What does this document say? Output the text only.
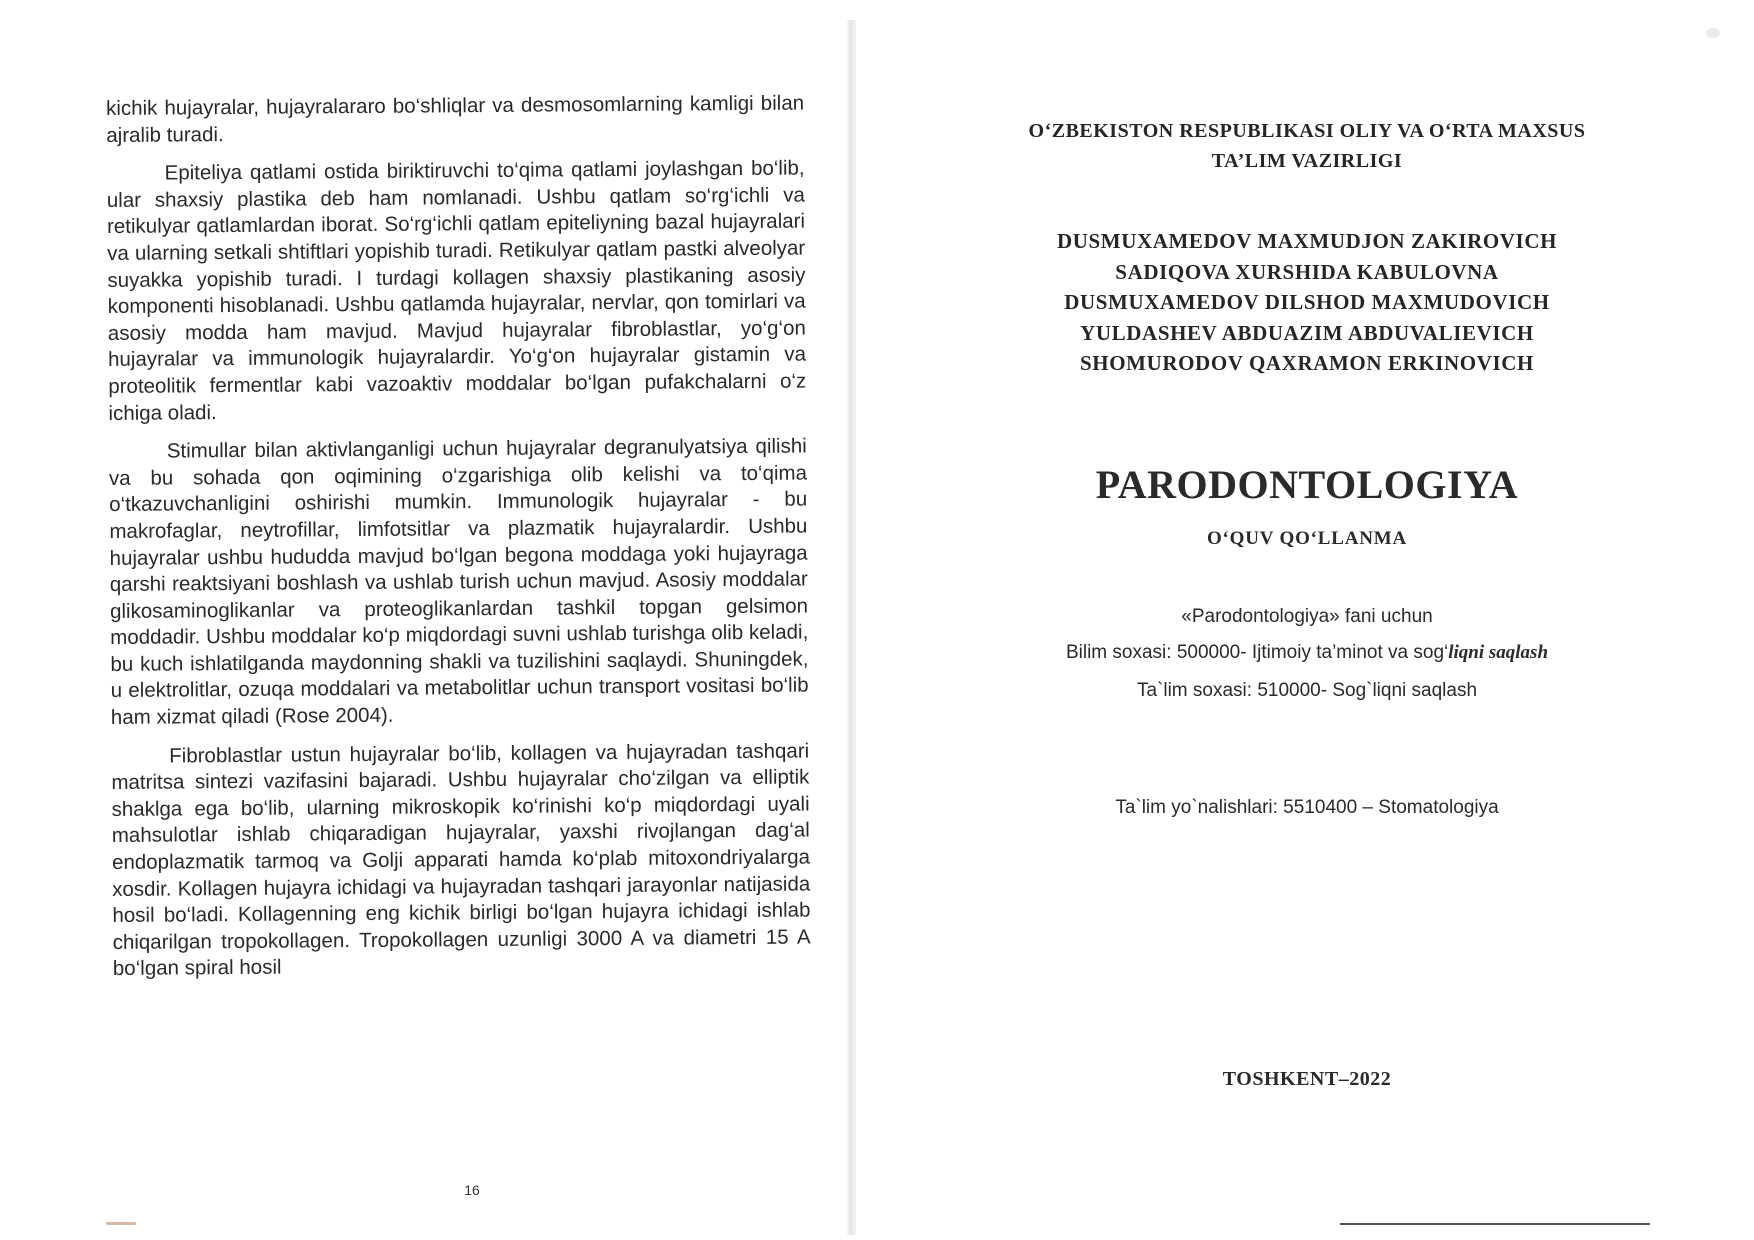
kichik hujayralar, hujayralararo bo‘shliqlar va desmosomlarning kamligi bilan ajralib turadi.

Epiteliya qatlami ostida biriktiruvchi to‘qima qatlami joylashgan bo‘lib, ular shaxsiy plastika deb ham nomlanadi. Ushbu qatlam so‘rg‘ichli va retikulyar qatlamlardan iborat. So‘rg‘ichli qatlam epiteliyning bazal hujayralari va ularning setkali shtiftlari yopishib turadi. Retikulyar qatlam pastki alveolyar suyakka yopishib turadi. I turdagi kollagen shaxsiy plastikaning asosiy komponenti hisoblanadi. Ushbu qatlamda hujayralar, nervlar, qon tomirlari va asosiy modda ham mavjud. Mavjud hujayralar fibroblastlar, yo‘g‘on hujayralar va immunologik hujayralardir. Yo‘g‘on hujayralar gistamin va proteolitik fermentlar kabi vazoaktiv moddalar bo‘lgan pufakchalarni o‘z ichiga oladi.

Stimullar bilan aktivlanganligi uchun hujayralar degranulyatsiya qilishi va bu sohada qon oqimining o‘zgarishiga olib kelishi va to‘qima o‘tkazuvchanligini oshirishi mumkin. Immunologik hujayralar - bu makrofaglar, neytrofillar, limfotsitlar va plazmatik hujayralardir. Ushbu hujayralar ushbu hududda mavjud bo‘lgan begona moddaga yoki hujayraga qarshi reaktsiyani boshlash va ushlab turish uchun mavjud. Asosiy moddalar glikosaminoglikanlar va proteoglikanlardan tashkil topgan gelsimon moddadir. Ushbu moddalar ko‘p miqdordagi suvni ushlab turishga olib keladi, bu kuch ishlatilganda maydonning shakli va tuzilishini saqlaydi. Shuningdek, u elektrolitlar, ozuqa moddalari va metabolitlar uchun transport vositasi bo‘lib ham xizmat qiladi (Rose 2004).

Fibroblastlar ustun hujayralar bo‘lib, kollagen va hujayradan tashqari matritsa sintezi vazifasini bajaradi. Ushbu hujayralar cho‘zilgan va elliptik shaklga ega bo‘lib, ularning mikroskopik ko‘rinishi ko‘p miqdordagi uyali mahsulotlar ishlab chiqaradigan hujayralar, yaxshi rivojlangan dag‘al endoplazmatik tarmoq va Golji apparati hamda ko‘plab mitoxondriyalarga xosdir. Kollagen hujayra ichidagi va hujayradan tashqari jarayonlar natijasida hosil bo‘ladi. Kollagenning eng kichik birligi bo‘lgan hujayra ichidagi ishlab chiqarilgan tropokollagen. Tropokollagen uzunligi 3000 A va diametri 15 A bo‘lgan spiral hosil

16
O‘ZBEKISTON RESPUBLIKASI OLIY VA O‘RTA MAXSUS
TA’LIM VAZIRLIGI
DUSMUXAMEDOV MAXMUDJON ZAKIROVICH
SADIQOVA XURSHIDA KABULOVNA
DUSMUXAMEDOV DILSHOD MAXMUDOVICH
YULDASHEV ABDUAZIM ABDUVALIEVICH
SHOMURODOV QAXRAMON ERKINOVICH
PARODONTOLOGIYA
O‘QUV QO‘LLANMA
«Parodontologiya» fani uchun
Bilim soxasi: 500000- Ijtimoiy ta’minot va sog‘liqni saqlash
Ta`lim soxasi: 510000- Sog`liqni saqlash
Ta`lim yo`nalishlari: 5510400 – Stomatologiya
TOSHKENT–2022
